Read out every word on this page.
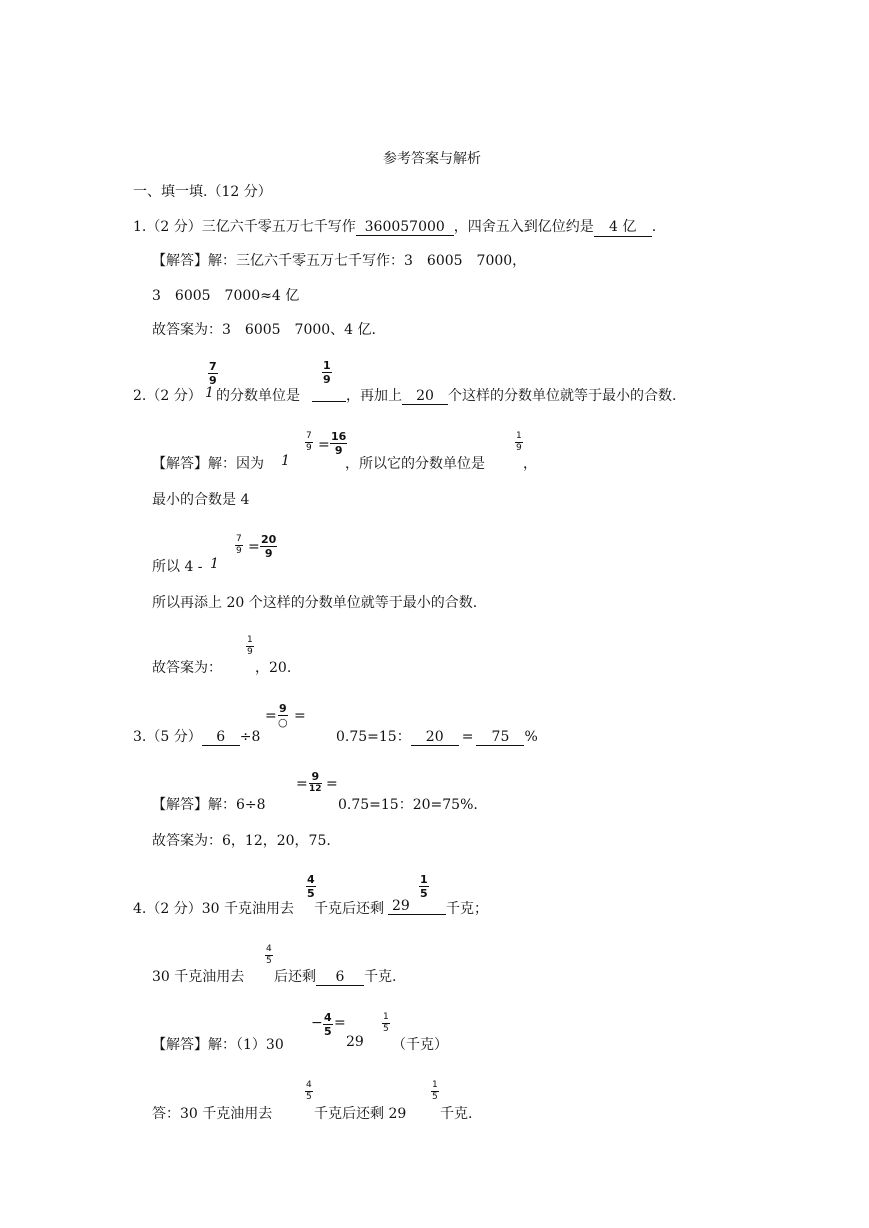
参考答案与解析
一、填一填.（12 分）
1.（2 分）三亿六千零五万七千写作 360057000 ，四舍五入到亿位约是 4 亿 .
【解答】解：三亿六千零五万七千写作：3　6005　7000，
3　6005　7000≈4 亿
故答案为：3　6005　7000、4 亿.
2.（2 分） 1
$\frac{7}{9}$
的分数单位是

$\frac{1}{9}$
，再加上 20 个这样的分数单位就等于最小的合数.
【解答】解：因为 1
$\frac{7}{9} = \frac{16}{9}$
，所以它的分数单位是
$\frac{1}{9}$
，
最小的合数是 4
所以 4 - 1
$\frac{7}{9} = \frac{20}{9}$
所以再添上 20 个这样的分数单位就等于最小的合数.
故答案为：
$\frac{1}{9}$
，20.
3.（5 分） 6 ÷8
= 9
○ =
0.75=15： 20 = 75 %
【解答】解：6÷8
= 9
12 =
0.75=15：20=75%.
故答案为：6，12，20，75.
4.（2 分）30 千克油用去
$\frac{4}{5}$
千克后还剩 29
$\frac{1}{5}$
千克；
30 千克油用去
$\frac{4}{5}$
后还剩 6 千克.
【解答】解：（1）30
− $\frac{4}{5}$ =
29
$\frac{1}{5}$
（千克）
答：30 千克油用去
$\frac{4}{5}$
千克后还剩 29
$\frac{1}{5}$
千克.
